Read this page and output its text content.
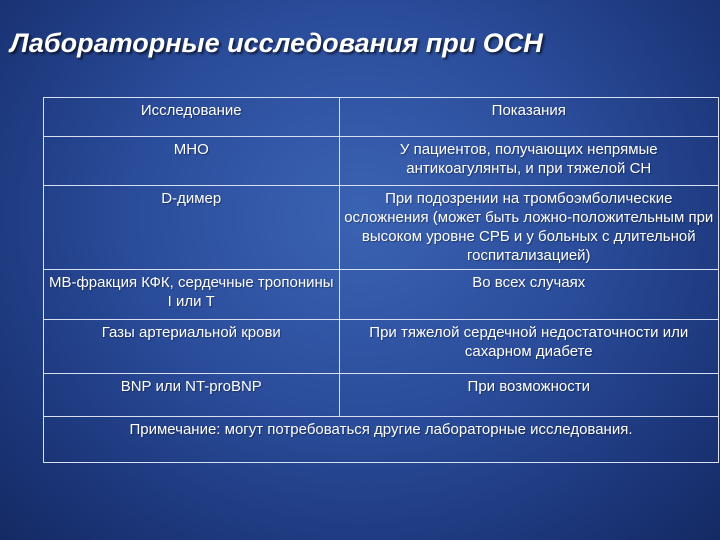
Лабораторные исследования при ОСН
Исследование	Показания
МНО	У пациентов, получающих непрямые антикоагулянты, и при тяжелой СН
D-димер	При подозрении на тромбоэмболические осложнения (может быть ложно-положительным при высоком уровне СРБ и у больных с длительной госпитализацией)
МВ-фракция КФК, сердечные тропонины I или T	Во всех случаях
Газы артериальной крови	При тяжелой сердечной недостаточности или сахарном диабете
BNP или NT-proBNP	При возможности
Примечание: могут потребоваться другие лабораторные исследования.	
